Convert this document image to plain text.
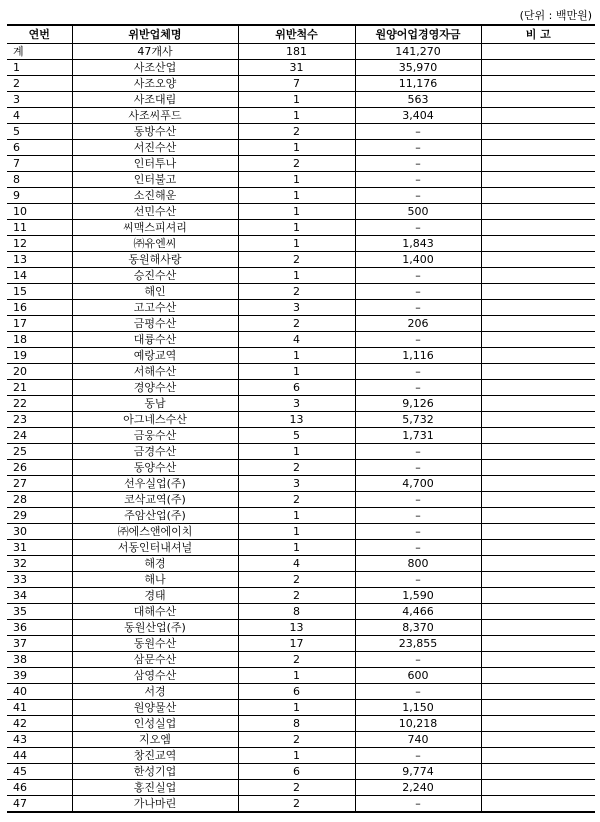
(단위 : 백만원)
연번	위반업체명	위반척수	원양어업경영자금	비 고
계	47개사	181	141,270	
1	사조산업	31	35,970	
2	사조오양	7	11,176	
3	사조대림	1	563	
4	사조씨푸드	1	3,404	
5	동방수산	2	–	
6	서진수산	1	–	
7	인터투나	2	–	
8	인터불고	1	–	
9	소진해운	1	–	
10	선민수산	1	500	
11	씨맥스피셔리	1	–	
12	㈜유엔씨	1	1,843	
13	동원해사랑	2	1,400	
14	승진수산	1	–	
15	해인	2	–	
16	고고수산	3	–	
17	금평수산	2	206	
18	대륭수산	4	–	
19	예랑교역	1	1,116	
20	서해수산	1	–	
21	경양수산	6	–	
22	동남	3	9,126	
23	아그네스수산	13	5,732	
24	금웅수산	5	1,731	
25	금경수산	1	–	
26	동양수산	2	–	
27	선우실업(주)	3	4,700	
28	코삭교역(주)	2	–	
29	주암산업(주)	1	–	
30	㈜에스앤에이치	1	–	
31	서동인터내셔널	1	–	
32	해경	4	800	
33	해나	2	–	
34	경태	2	1,590	
35	대해수산	8	4,466	
36	동원산업(주)	13	8,370	
37	동원수산	17	23,855	
38	삼문수산	2	–	
39	삼영수산	1	600	
40	서경	6	–	
41	원양물산	1	1,150	
42	인성실업	8	10,218	
43	지오엠	2	740	
44	창진교역	1	–	
45	한성기업	6	9,774	
46	홍진실업	2	2,240	
47	가나마린	2	–	
